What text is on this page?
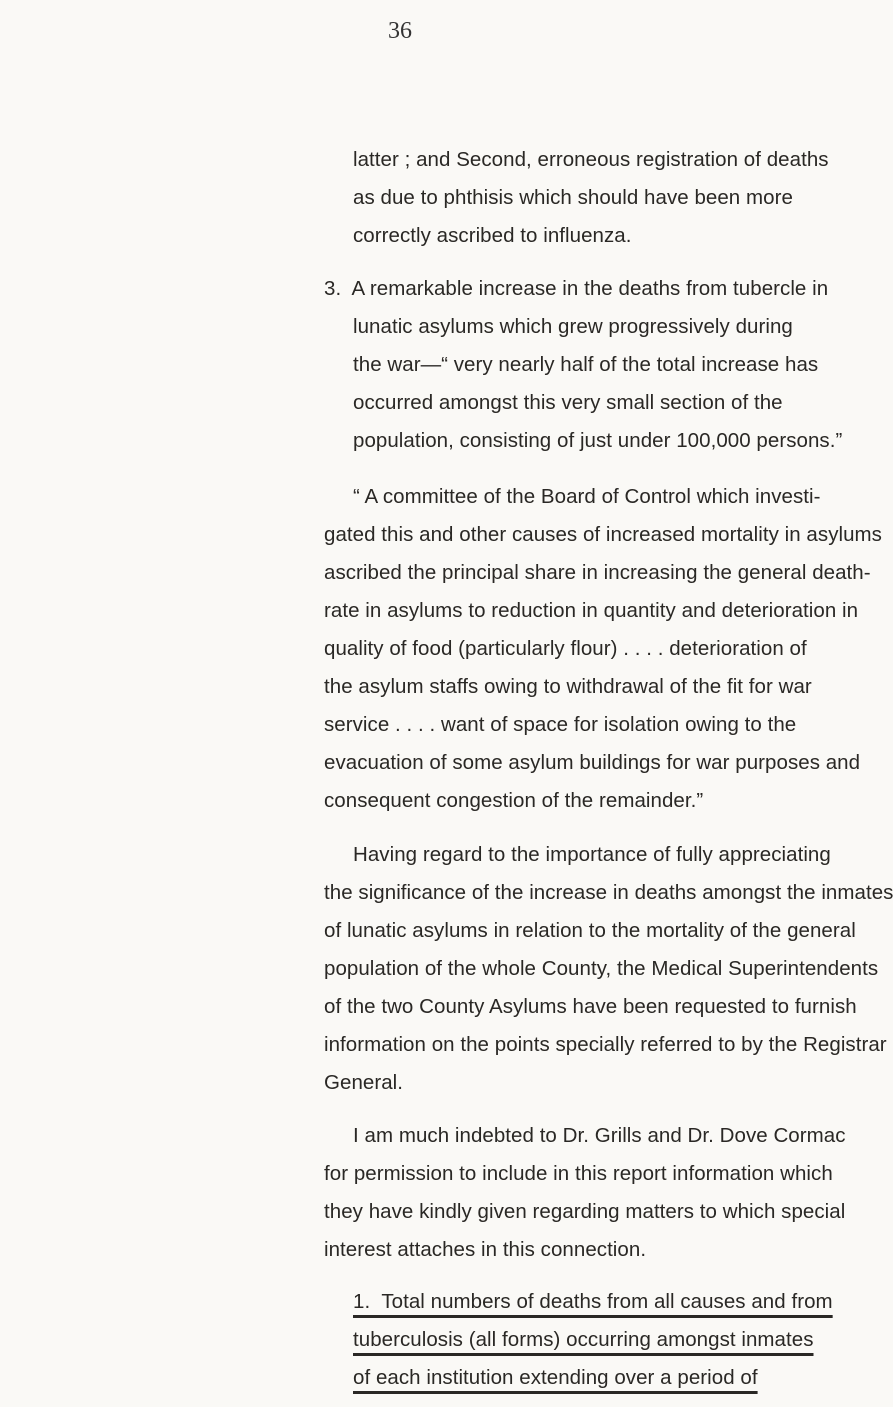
36
latter ; and Second, erroneous registration of deaths
as due to phthisis which should have been more
correctly ascribed to influenza.
3.  A remarkable increase in the deaths from tubercle in
lunatic asylums which grew progressively during
the war—“ very nearly half of the total increase has
occurred amongst this very small section of the
population, consisting of just under 100,000 persons.”
“ A committee of the Board of Control which investi-
gated this and other causes of increased mortality in asylums
ascribed the principal share in increasing the general death-
rate in asylums to reduction in quantity and deterioration in
quality of food (particularly flour) . . . . deterioration of
the asylum staffs owing to withdrawal of the fit for war
service . . . . want of space for isolation owing to the
evacuation of some asylum buildings for war purposes and
consequent congestion of the remainder.”
Having regard to the importance of fully appreciating
the significance of the increase in deaths amongst the inmates
of lunatic asylums in relation to the mortality of the general
population of the whole County, the Medical Superintendents
of the two County Asylums have been requested to furnish
information on the points specially referred to by the Registrar
General.
I am much indebted to Dr. Grills and Dr. Dove Cormac
for permission to include in this report information which
they have kindly given regarding matters to which special
interest attaches in this connection.
1.  Total numbers of deaths from all causes and from
tuberculosis (all forms) occurring amongst inmates
of each institution extending over a period of
